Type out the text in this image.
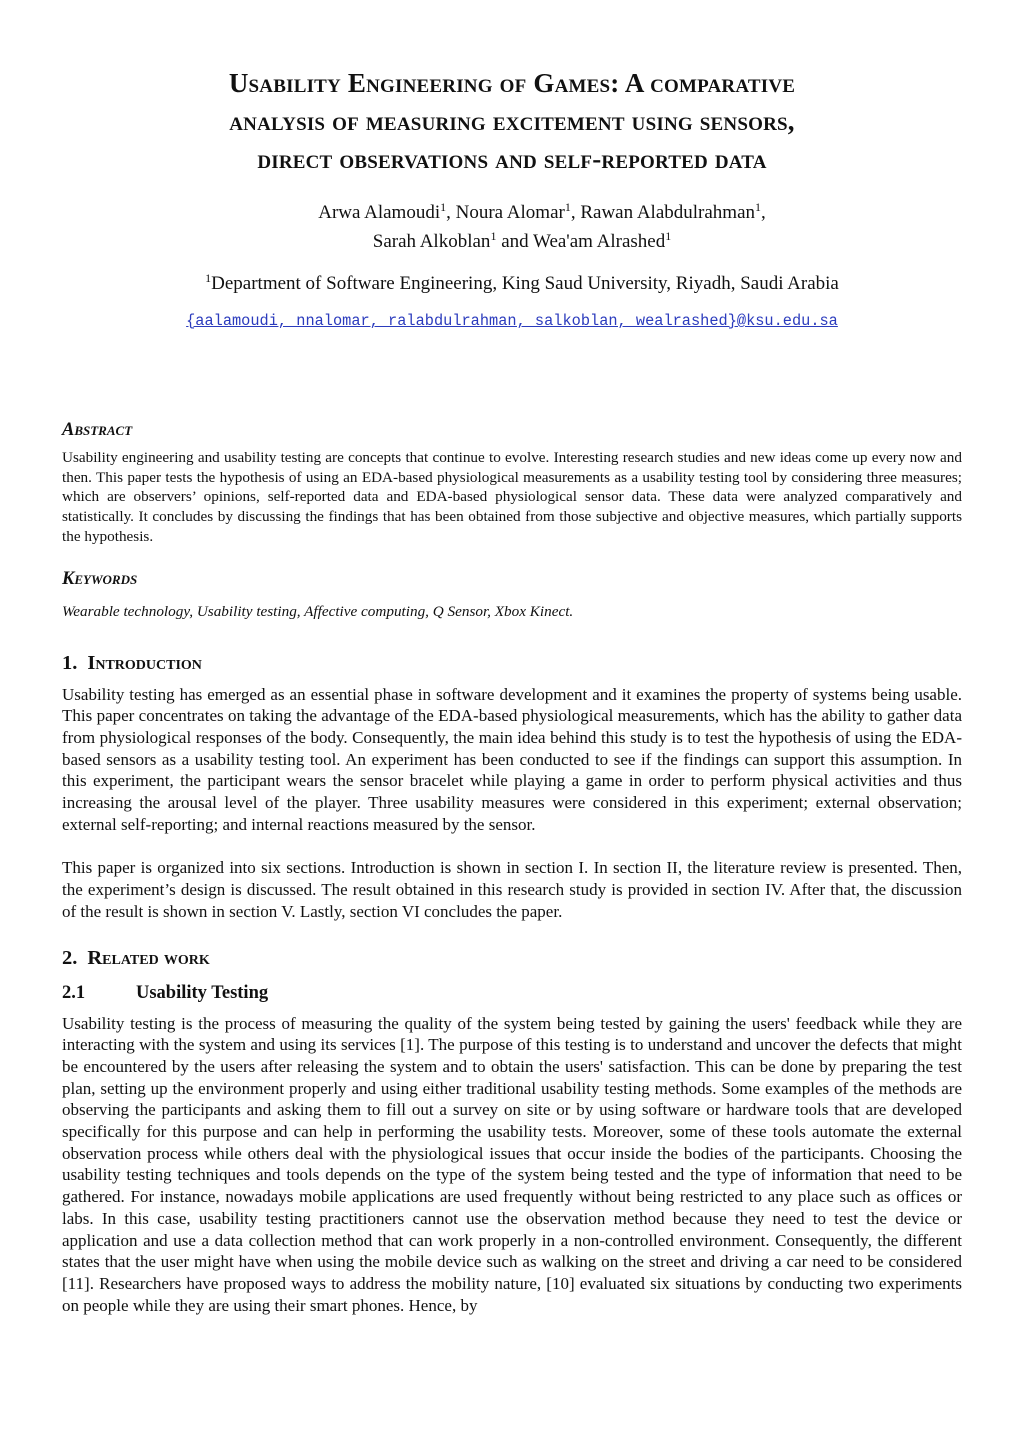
Usability Engineering of Games: A comparative
analysis of measuring excitement using sensors,
direct observations and self-reported data
Arwa Alamoudi$^1$, Noura Alomar$^1$, Rawan Alabdulrahman$^1$,
Sarah Alkoblan$^1$ and Wea'am Alrashed$^1$
$^1$Department of Software Engineering, King Saud University, Riyadh, Saudi Arabia
{aalamoudi, nnalomar, ralabdulrahman, salkoblan, wealrashed}@ksu.edu.sa
Abstract

Usability engineering and usability testing are concepts that continue to evolve. Interesting research studies and new ideas come up every now and then. This paper tests the hypothesis of using an EDA-based physiological measurements as a usability testing tool by considering three measures; which are observers’ opinions, self-reported data and EDA-based physiological sensor data. These data were analyzed comparatively and statistically. It concludes by discussing the findings that has been obtained from those subjective and objective measures, which partially supports the hypothesis.

Keywords
Wearable technology, Usability testing, Affective computing, Q Sensor, Xbox Kinect.
1. Introduction

Usability testing has emerged as an essential phase in software development and it examines the property of systems being usable. This paper concentrates on taking the advantage of the EDA-based physiological measurements, which has the ability to gather data from physiological responses of the body. Consequently, the main idea behind this study is to test the hypothesis of using the EDA-based sensors as a usability testing tool. An experiment has been conducted to see if the findings can support this assumption. In this experiment, the participant wears the sensor bracelet while playing a game in order to perform physical activities and thus increasing the arousal level of the player. Three usability measures were considered in this experiment; external observation; external self-reporting; and internal reactions measured by the sensor.

This paper is organized into six sections. Introduction is shown in section I. In section II, the literature review is presented. Then, the experiment’s design is discussed. The result obtained in this research study is provided in section IV. After that, the discussion of the result is shown in section V. Lastly, section VI concludes the paper.

2. Related work
2.1	Usability Testing

Usability testing is the process of measuring the quality of the system being tested by gaining the users' feedback while they are interacting with the system and using its services [1]. The purpose of this testing is to understand and uncover the defects that might be encountered by the users after releasing the system and to obtain the users' satisfaction. This can be done by preparing the test plan, setting up the environment properly and using either traditional usability testing methods. Some examples of the methods are observing the participants and asking them to fill out a survey on site or by using software or hardware tools that are developed specifically for this purpose and can help in performing the usability tests. Moreover, some of these tools automate the external observation process while others deal with the physiological issues that occur inside the bodies of the participants. Choosing the usability testing techniques and tools depends on the type of the system being tested and the type of information that need to be gathered. For instance, nowadays mobile applications are used frequently without being restricted to any place such as offices or labs. In this case, usability testing practitioners cannot use the observation method because they need to test the device or application and use a data collection method that can work properly in a non-controlled environment. Consequently, the different states that the user might have when using the mobile device such as walking on the street and driving a car need to be considered [11]. Researchers have proposed ways to address the mobility nature, [10] evaluated six situations by conducting two experiments on people while they are using their smart phones. Hence, by
